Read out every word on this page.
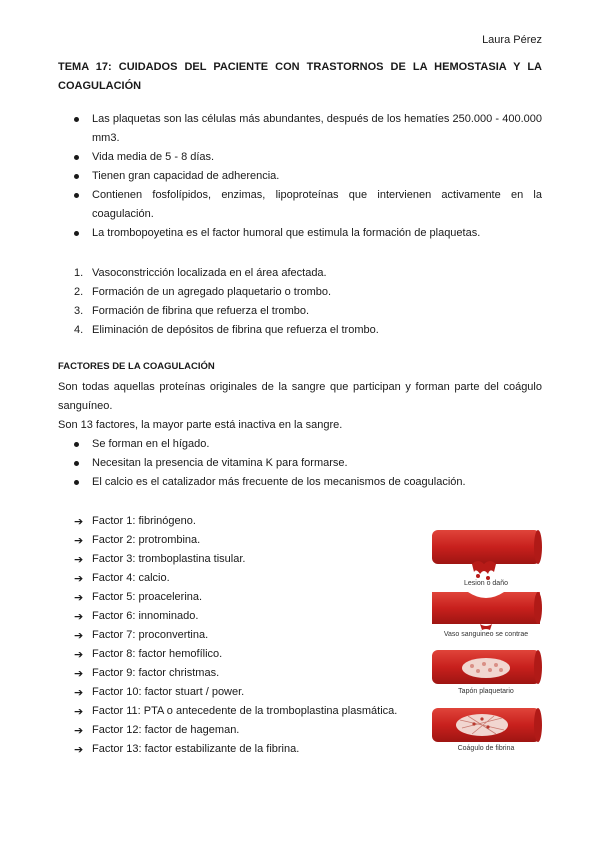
Laura Pérez
TEMA 17: CUIDADOS DEL PACIENTE CON TRASTORNOS DE LA HEMOSTASIA Y LA COAGULACIÓN
Las plaquetas son las células más abundantes, después de los hematíes 250.000 - 400.000 mm3.
Vida media de 5 - 8 días.
Tienen gran capacidad de adherencia.
Contienen fosfolípidos, enzimas, lipoproteínas que intervienen activamente en la coagulación.
La trombopoyetina es el factor humoral que estimula la formación de plaquetas.
1. Vasoconstricción localizada en el área afectada.
2. Formación de un agregado plaquetario o trombo.
3. Formación de fibrina que refuerza el trombo.
4. Eliminación de depósitos de fibrina que refuerza el trombo.
FACTORES DE LA COAGULACIÓN

Son todas aquellas proteínas originales de la sangre que participan y forman parte del coágulo sanguíneo.

Son 13 factores, la mayor parte está inactiva en la sangre.

Se forman en el hígado.
Necesitan la presencia de vitamina K para formarse.
El calcio es el catalizador más frecuente de los mecanismos de coagulación.
➔ Factor 1: fibrinógeno.
➔ Factor 2: protrombina.
➔ Factor 3: tromboplastina tisular.
➔ Factor 4: calcio.
➔ Factor 5: proacelerina.
➔ Factor 6: innominado.
➔ Factor 7: proconvertina.
➔ Factor 8: factor hemofílico.
➔ Factor 9: factor christmas.
➔ Factor 10: factor stuart / power.
➔ Factor 11: PTA o antecedente de la tromboplastina plasmática.
➔ Factor 12: factor de hageman.
➔ Factor 13: factor estabilizante de la fibrina.
Lesion o daño
Vaso sanguineo se contrae
Tapón plaquetario
Coágulo de fibrina
